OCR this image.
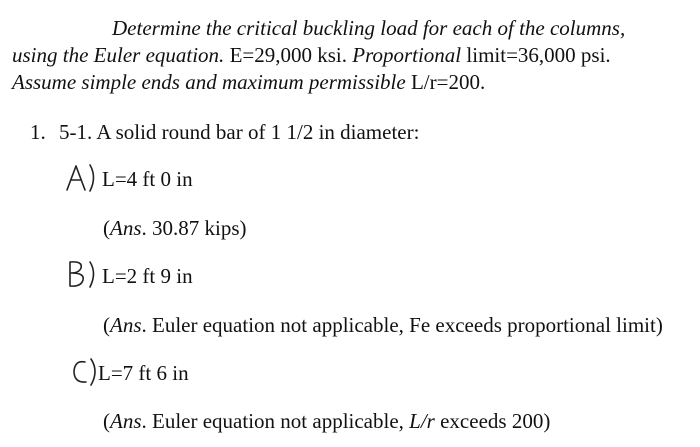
Determine the critical buckling load for each of the columns,
using the Euler equation. E=29,000 ksi. Proportional limit=36,000 psi.
Assume simple ends and maximum permissible L/r=200.
1. 5-1. A solid round bar of 1 1/2 in diameter:
L=4 ft 0 in
(Ans. 30.87 kips)
L=2 ft 9 in
(Ans. Euler equation not applicable, Fe exceeds proportional limit)
L=7 ft 6 in
(Ans. Euler equation not applicable, L/r exceeds 200)
